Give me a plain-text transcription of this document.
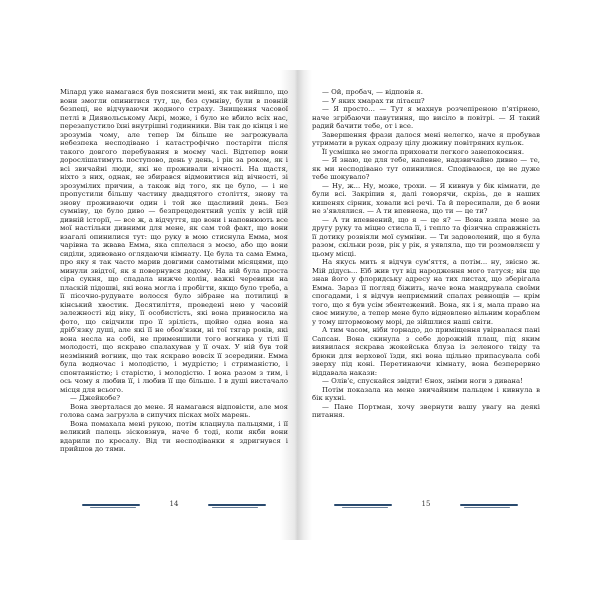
Мілард уже намагався був пояснити мені, як так вийшло, що вони змогли опинитися тут, це, без сумніву, були в повній безпеці, не відчуваючи жодного страху. Знищення часової петлі в Диявольському Акрі, може, і було не вбило всіх нас, перезапустило їхні внутрішні годинники. Він так до кінця і не зрозумів чому, але тепер їм більше не загрожувала небезпека несподівано і катастрофічно постаріти після такого довгого перебування в моєму часі. Відтепер вони дорослішатимуть поступово, день у день, і рік за роком, як і всі звичайні люди, які не проживали вічності. На щастя, ніхто з них, однак, не збирався відмовитися від вічності, зі зрозумілих причин, а також від того, як це було, — і не пропустили більшу частину двадцятого століття, знову та знову проживаючи один і той же щасливий день. Без сумніву, це було диво — безпрецедентний успіх у всій цій дивній історії, — все ж, а відчуття, що вони і наповнюють все мої настільки дивними для мене, як сам той факт, що вони взагалі опинилися тут: що руку в мою стиснула Емма, моя чарівна та жвава Емма, яка сплелася з моєю, або що вони сиділи, здивовано оглядаючи кімнату. Це була та сама Емма, про яку я так часто марив довгими самотніми місяцями, що минули звідтої, як я повернувся додому. На ній була проста сіра сукня, що спадала нижче колін, важкі черевики на пласкій підошві, які вона могла і пробігти, якщо було треба, а її пісочно-рудувате волосся було зібране на потилиці в кінський хвостик. Десятиліття, проведені нею у часовій залежності від віку, її особистість, які вона привносила на фото, що свідчили про її зрілість, щойно одна вона на дріб'язку душі, але які її не обов'язки, ні тої тягар років, які вона несла на собі, не применшили того вогника у тілі її молодості, що яскраво спалахував у її очах. У ній був той незмінний вогник, що так яскраво вовсіх її зсередини. Емма була водночас і молодістю, і мудрістю; і стриманістю, і спонтанністю; і старістю, і молодістю. І вона разом з тим, і ось чому я любив її, і любив її ще більше. І в душі вистачало місця для всього.

— Джейкобе?

Вона зверталася до мене. Я намагався відповісти, але моя голова сама загрузла в сипучих пісках моїх марень.

Вона помахала мені рукою, потім клацнула пальцями, і її великий палець зісковзнув, наче б тоді, коли якби вони вдарили по кресалу. Від ти несподіванки я здригнувся і прийшов до тями.

14

— Ой, пробач, — відповів я.

— У яких хмарах ти літаєш?

— Я просто… — Тут я махнув розчепіреною п'ятірнею, наче згрібаючи павутиння, що висіло в повітрі. — Я такий радий бачити тебе, от і все.

Завершення фрази далося мені нелегко, наче я пробував утримати в руках одразу цілу дюжину повітряних кульок.

Її усмішка не змогла приховати легкого занепокоєння.

— Я знаю, це для тебе, напевне, надзвичайно дивно — те, як ми несподівано тут опинилися. Сподіваюся, це не дуже тебе шокувало?

— Ну, ж... Ну, може, трохи. — Я кивнув у бік кімнати, де були всі. Закріпив я, далі говорячи, скрізь, де в наших кишенях сірник, ховали всі речі. Та й пересипали, де б вони не з'являлися. — А ти впевнена, що ти — це ти?

— А ти впевнений, що я — це я? — Вона взяла мене за другу руку та міцно стисла її, і тепло та фізична справжність її дотику розвіяли мої сумніви. — Ти задоволений, що я була разом, скільки розв, рік у рік, я уявляла, що ти розмовляєш у цьому місці.

На якусь мить я відчув сум'яття, а потім... ну, звісно ж. Мій дідусь... Еїб жив тут від народження мого татуся; він ще знав його у флоридську адресу на тих листах, що зберігала Емма. Зараз її погляд біжить, наче вона мандрувала своїми спогадами, і я відчув неприємний спалах ревнощів — крім того, що я був усім збентежений. Вона, як і я, мала право на своє минуле, а тепер мене було відновлено вільним кораблем у тому штормовому морі, де зійшлися наші світи.

А тим часом, ніби торнадо, до приміщення увірвалася пані Сапсан. Вона скинула з себе дорожній плащ, під яким виявилася яскрава жокейська блуза із зеленого твіду та брюки для верхової їзди, які вона щільно припасувала собі зверху під коні. Перетинаючи кімнату, вона безперервно віддавала накази:

— Олів'є, спускайся звідти! Єнох, зніми ноги з дивана!

Потім показала на мене звичайним пальцем і кивнула в бік кухні.

— Пане Портман, хочу звернути вашу увагу на деякі питання.

15
